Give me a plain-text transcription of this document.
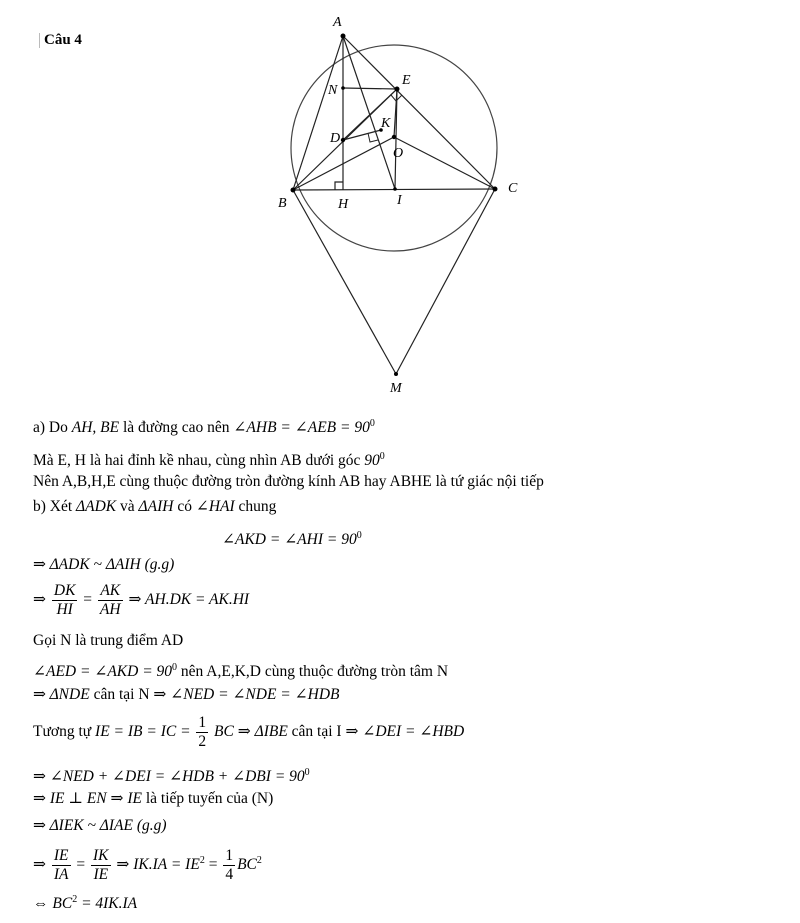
Câu 4
A
E
N
K
D
O
B	H	I
C
M
a) Do AH, BE là đường cao nên ∠AHB = ∠AEB = $90^0$
Mà E, H là hai đỉnh kề nhau, cùng nhìn AB dưới góc $90^0$
Nên A,B,H,E cùng thuộc đường tròn đường kính AB hay ABHE là tứ giác nội tiếp
b) Xét ΔADK và ΔAIH có ∠HAI chung
∠AKD = ∠AHI = $90^0$
⇒ ΔADK ~ ΔAIH (g.g)
⇒ $\frac{DK}{HI} = \frac{AK}{AH}$ ⇒ AH.DK = AK.HI
Gọi N là trung điểm AD
∠AED = ∠AKD = $90^0$ nên A,E,K,D cùng thuộc đường tròn tâm N
⇒ ΔNDE cân tại N ⇒ ∠NED = ∠NDE = ∠HDB
Tương tự IE = IB = IC = $\frac{1}{2}$ BC ⇒ ΔIBE cân tại I ⇒ ∠DEI = ∠HBD
⇒ ∠NED + ∠DEI = ∠HDB + ∠DBI = $90^0$
⇒ IE ⊥ EN ⇒ IE là tiếp tuyến của (N)
⇒ ΔIEK ~ ΔIAE (g.g)
⇒ $\frac{IE}{IA} = \frac{IK}{IE}$ ⇒ $IK.IA = IE^2 = \frac{1}{4} BC^2$
⇔ $BC^2 = 4IK.IA$
